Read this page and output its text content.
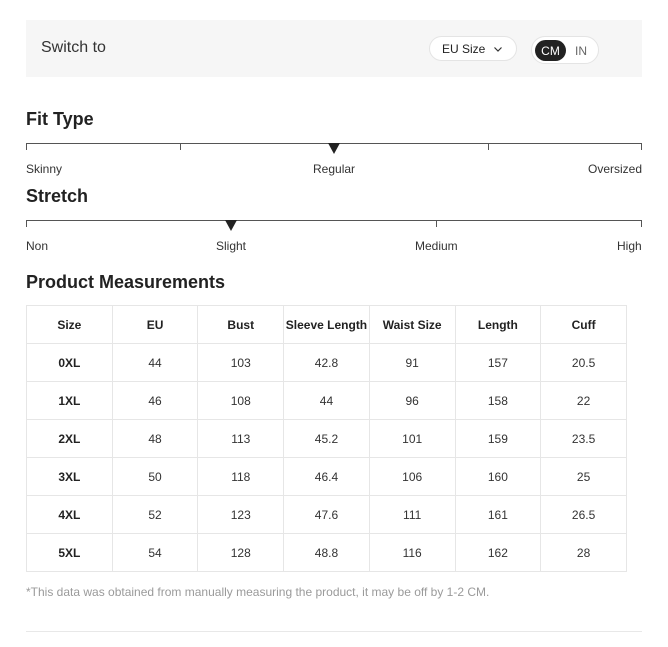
Switch to	EU Size	CM	IN
Fit Type
Skinny	Regular	Oversized
Stretch
Non	Slight	Medium	High
Product Measurements
Size	EU	Bust	Sleeve Length	Waist Size	Length	Cuff
0XL	44	103	42.8	91	157	20.5
1XL	46	108	44	96	158	22
2XL	48	113	45.2	101	159	23.5
3XL	50	118	46.4	106	160	25
4XL	52	123	47.6	111	161	26.5
5XL	54	128	48.8	116	162	28
*This data was obtained from manually measuring the product, it may be off by 1-2 CM.
